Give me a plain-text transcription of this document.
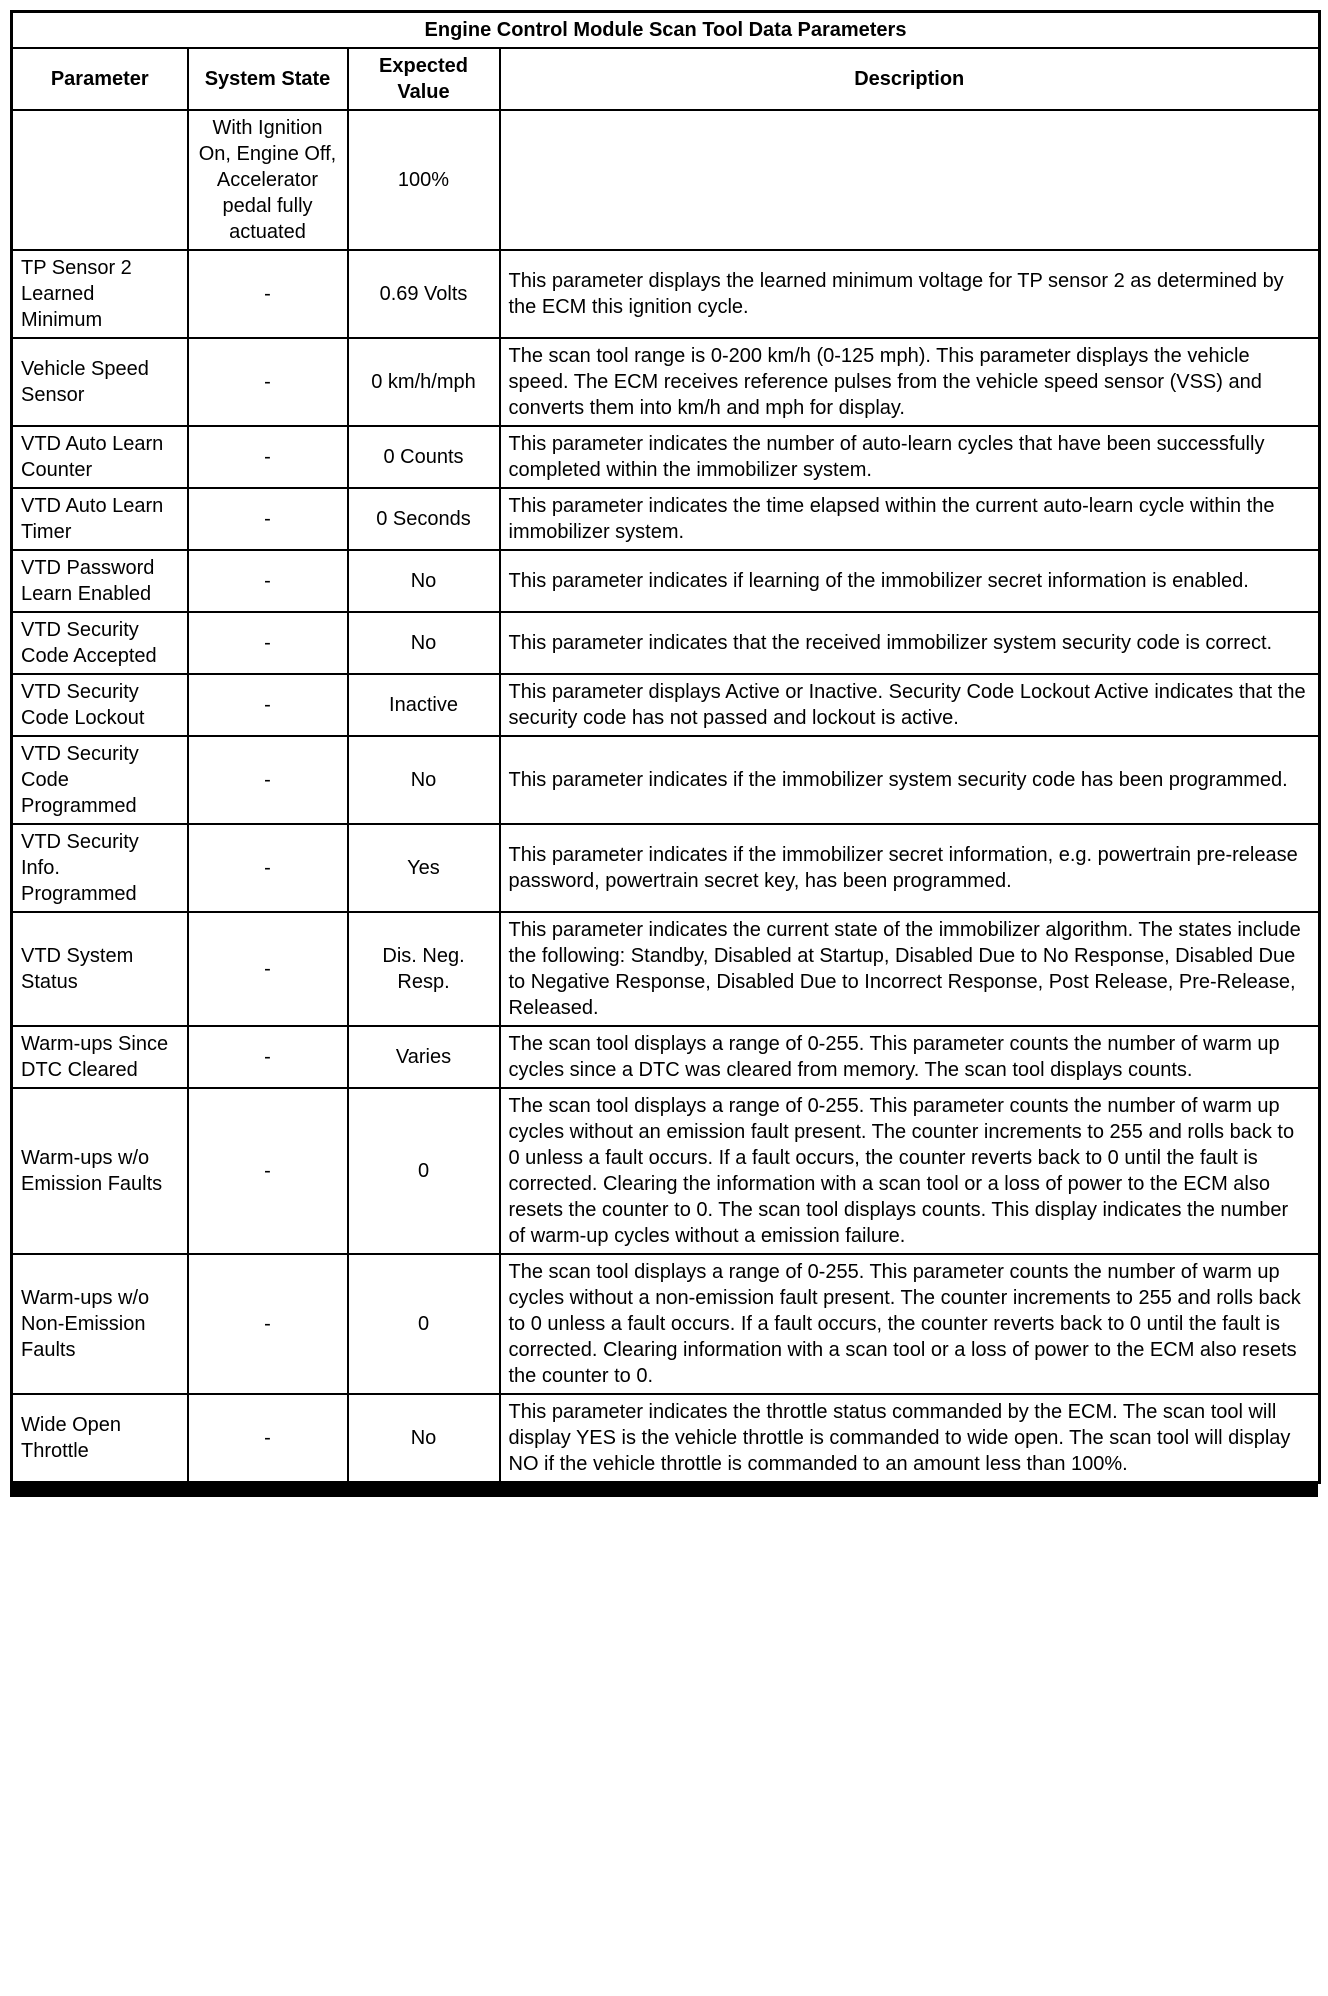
Engine Control Module Scan Tool Data Parameters			
Parameter	System State	Expected Value	Description
	With Ignition On, Engine Off, Accelerator pedal fully actuated	100%	
TP Sensor 2 Learned Minimum	-	0.69 Volts	This parameter displays the learned minimum voltage for TP sensor 2 as determined by the ECM this ignition cycle.
Vehicle Speed Sensor	-	0 km/h/mph	The scan tool range is 0-200 km/h (0-125 mph). This parameter displays the vehicle speed. The ECM receives reference pulses from the vehicle speed sensor (VSS) and converts them into km/h and mph for display.
VTD Auto Learn Counter	-	0 Counts	This parameter indicates the number of auto-learn cycles that have been successfully completed within the immobilizer system.
VTD Auto Learn Timer	-	0 Seconds	This parameter indicates the time elapsed within the current auto-learn cycle within the immobilizer system.
VTD Password Learn Enabled	-	No	This parameter indicates if learning of the immobilizer secret information is enabled.
VTD Security Code Accepted	-	No	This parameter indicates that the received immobilizer system security code is correct.
VTD Security Code Lockout	-	Inactive	This parameter displays Active or Inactive. Security Code Lockout Active indicates that the security code has not passed and lockout is active.
VTD Security Code Programmed	-	No	This parameter indicates if the immobilizer system security code has been programmed.
VTD Security Info. Programmed	-	Yes	This parameter indicates if the immobilizer secret information, e.g. powertrain pre-release password, powertrain secret key, has been programmed.
VTD System Status	-	Dis. Neg. Resp.	This parameter indicates the current state of the immobilizer algorithm. The states include the following: Standby, Disabled at Startup, Disabled Due to No Response, Disabled Due to Negative Response, Disabled Due to Incorrect Response, Post Release, Pre-Release, Released.
Warm-ups Since DTC Cleared	-	Varies	The scan tool displays a range of 0-255. This parameter counts the number of warm up cycles since a DTC was cleared from memory. The scan tool displays counts.
Warm-ups w/o Emission Faults	-	0	The scan tool displays a range of 0-255. This parameter counts the number of warm up cycles without an emission fault present. The counter increments to 255 and rolls back to 0 unless a fault occurs. If a fault occurs, the counter reverts back to 0 until the fault is corrected. Clearing the information with a scan tool or a loss of power to the ECM also resets the counter to 0. The scan tool displays counts. This display indicates the number of warm-up cycles without a emission failure.
Warm-ups w/o Non-Emission Faults	-	0	The scan tool displays a range of 0-255. This parameter counts the number of warm up cycles without a non-emission fault present. The counter increments to 255 and rolls back to 0 unless a fault occurs. If a fault occurs, the counter reverts back to 0 until the fault is corrected. Clearing information with a scan tool or a loss of power to the ECM also resets the counter to 0.
Wide Open Throttle	-	No	This parameter indicates the throttle status commanded by the ECM. The scan tool will display YES is the vehicle throttle is commanded to wide open. The scan tool will display NO if the vehicle throttle is commanded to an amount less than 100%.
